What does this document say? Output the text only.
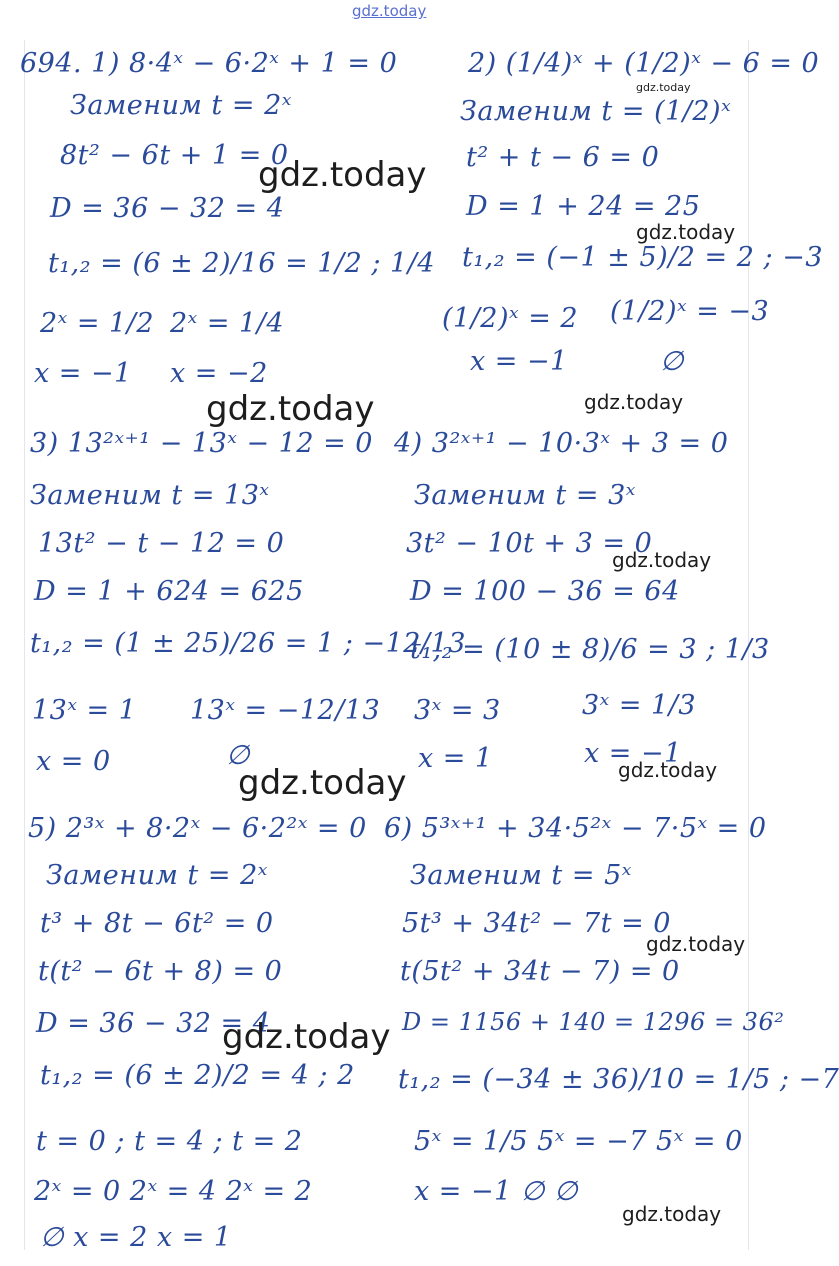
gdz.today
694. 1) 8·4ˣ − 6·2ˣ + 1 = 0
Заменим t = 2ˣ
8t² − 6t + 1 = 0
D = 36 − 32 = 4
t₁,₂ = (6 ± 2)/16 = 1/2 ; 1/4
2ˣ = 1/2 2ˣ = 1/4
x = −1 x = −2
2) (1/4)ˣ + (1/2)ˣ − 6 = 0
Заменим t = (1/2)ˣ
t² + t − 6 = 0
D = 1 + 24 = 25
t₁,₂ = (−1 ± 5)/2 = 2 ; −3
(1/2)ˣ = 2 (1/2)ˣ = −3
x = −1	∅
3) 13²ˣ⁺¹ − 13ˣ − 12 = 0
Заменим t = 13ˣ
13t² − t − 12 = 0
D = 1 + 624 = 625
t₁,₂ = (1 ± 25)/26 = 1 ; −12/13
13ˣ = 1 13ˣ = −12/13
x = 0	∅
4) 3²ˣ⁺¹ − 10·3ˣ + 3 = 0
Заменим t = 3ˣ
3t² − 10t + 3 = 0
D = 100 − 36 = 64
t₁,₂ = (10 ± 8)/6 = 3 ; 1/3
3ˣ = 3	3ˣ = 1/3
x = 1	x = −1
5) 2³ˣ + 8·2ˣ − 6·2²ˣ = 0
Заменим t = 2ˣ
t³ + 8t − 6t² = 0
t(t² − 6t + 8) = 0
D = 36 − 32 = 4
t₁,₂ = (6 ± 2)/2 = 4 ; 2
t = 0 ; t = 4 ; t = 2
2ˣ = 0 2ˣ = 4 2ˣ = 2
∅ x = 2 x = 1
6) 5³ˣ⁺¹ + 34·5²ˣ − 7·5ˣ = 0
Заменим t = 5ˣ
5t³ + 34t² − 7t = 0
t(5t² + 34t − 7) = 0
D = 1156 + 140 = 1296 = 36²
t₁,₂ = (−34 ± 36)/10 = 1/5 ; −7
5ˣ = 1/5 5ˣ = −7 5ˣ = 0
x = −1 ∅ ∅
gdz.today
gdz.today
gdz.today
gdz.today	gdz.today
gdz.today
gdz.today	gdz.today
gdz.today
gdz.today
gdz.today
